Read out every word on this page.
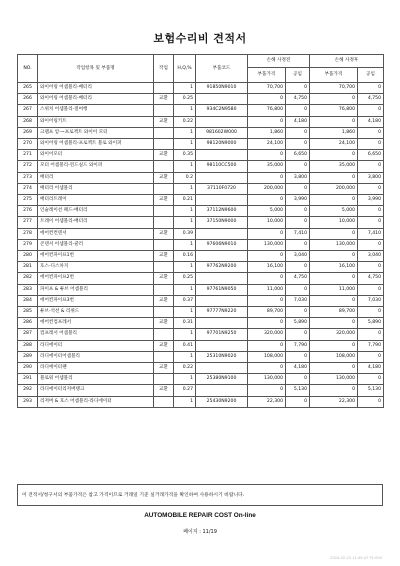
보험수리비 견적서
NO.	작업항목 및 부품명	작업	H,Q,%	부품코드	손해 사정전		손해 사정후	
					부품가격	공임	부품가격	공임
265	와이어링 어셈블리-배터리		1	91850N9010	70,700	0	70,700	0
266	와이어링 어셈블리-배터리	교환	0.25		0	4,750	0	4,750
267	스위치 어셈블리-절여행		1	934C2N9580	76,800	0	76,800	0
268	와이어링키트	교환	0.22		0	4,180	0	4,180
269	크램프 암-~프로젝트 와이어 모터		1	981602W000	1,860	0	1,860	0
270	와이어링 어셈블리-프로젝트 블로 와이퍼		1	98120N9000	24,100	0	24,100	0
271	와이어모터	교환	0.35		0	6,650	0	6,650
272	모터 어셈블리-윈드실드 와이퍼		1	98110CC500	35,000	0	35,000	0
273	배터리	교환	0.2		0	3,800	0	3,800
274	배터리 어셈블리		1	37110F0720	200,000	0	200,000	0
275	배터리트레이	교환	0.21		0	3,990	0	3,990
276	인슐레이션 패드-배터리		1	37112N9600	5,000	0	5,000	0
277	트레이 어셈블리-배터리		1	37150N9000	10,000	0	10,000	0
278	에어컨컨덴서	교환	0.39		0	7,410	0	7,410
279	콘덴서 어셈블리-쿨러		1	97606N9010	130,000	0	130,000	0
280	에어컨파이프1번	교환	0.16		0	3,040	0	3,040
281	호스-디스차지		1	97762N9200	16,100	0	16,100	0
282	에어컨파이프2번	교환	0.25		0	4,750	0	4,750
283	파이프 & 튜브 어셈블리		1	97761N9050	11,000	0	11,000	0
284	에어컨파이프3번	교환	0.37		0	7,030	0	7,030
285	튜브-석션 & 리퀴드		1	97777N9220	89,700	0	89,700	0
286	에어컨컴프레서	교환	0.31		0	5,890	0	5,890
287	컴프레서 어셈블리		1	97701N9250	320,000	0	320,000	0
288	라디에이터	교환	0.41		0	7,790	0	7,790
289	라디에이터어셈블리		1	25310N9020	108,000	0	108,000	0
290	라디에이터팬	교환	0.22		0	4,180	0	4,180
291	블로워 어셈블리		1	25380N9100	130,000	0	130,000	0
292	라디에이터리저버탱크	교환	0.27		0	5,130	0	5,130
293	리저버 & 호스 어셈블리-라디에이터		1	25430N9200	22,300	0	22,300	0
이 견적서/청구서의 부품가격은 참고 가격이므로 거래일 기준 실거래가격을 확인하여 사용하시기 바랍니다.
AUTOMOBILE REPAIR COST On-line
페이지 : 11/19
2024-02-23 11:45:47 P1:000
